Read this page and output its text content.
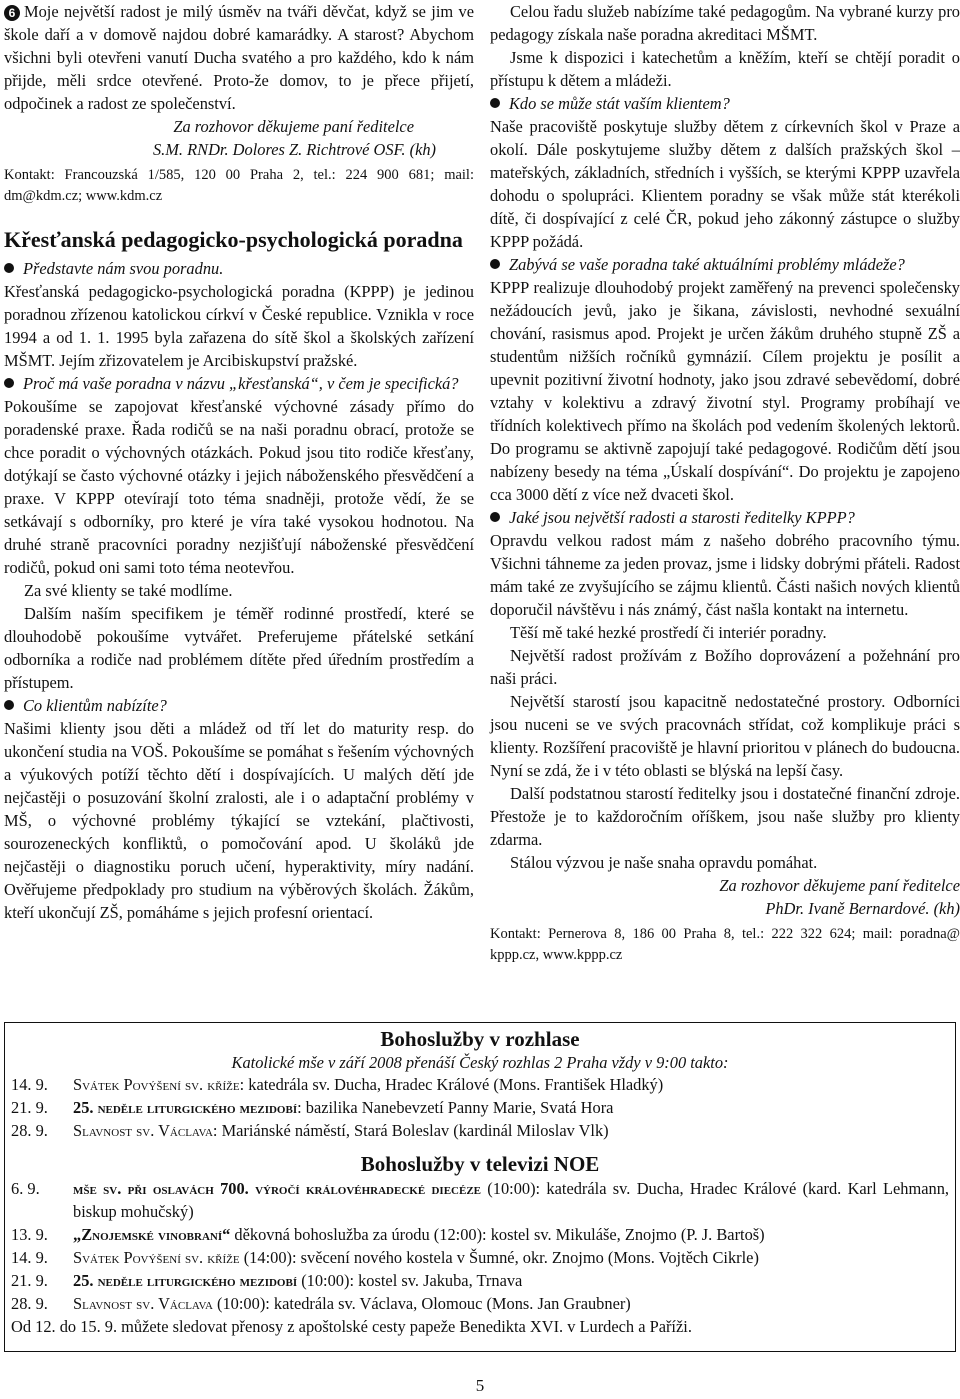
6 Moje největší radost je milý úsměv na tváři děvčat, když se jim ve škole daří a v domově najdou dobré kamarádky. A starost? Abychom všichni byli otevřeni vanutí Ducha svatého a pro každého, kdo k nám přijde, měli srdce otevřené. Proto-že domov, to je přece přijetí, odpočinek a radost ze společenství.

Za rozhovor děkujeme paní ředitelce

S.M. RNDr. Dolores Z. Richtrové OSF. (kh)

Kontakt: Francouzská 1/585, 120 00 Praha 2, tel.: 224 900 681; mail: dm@kdm.cz; www.kdm.cz

Křesťanská pedagogicko-psychologická poradna

Představte nám svou poradnu.

Křesťanská pedagogicko-psychologická poradna (KPPP) je jedinou poradnou zřízenou katolickou církví v České republice. Vznikla v roce 1994 a od 1. 1. 1995 byla zařazena do sítě škol a školských zařízení MŠMT. Jejím zřizovatelem je Arcibiskupství pražské.

Proč má vaše poradna v názvu „křesťanská“, v čem je specifická?

Pokoušíme se zapojovat křesťanské výchovné zásady přímo do poradenské praxe. Řada rodičů se na naši poradnu obrací, protože se chce poradit o výchovných otázkách. Pokud jsou tito rodiče křesťany, dotýkají se často výchovné otázky i jejich náboženského přesvědčení a praxe. V KPPP otevírají toto téma snadněji, protože vědí, že se setkávají s odborníky, pro které je víra také vysokou hodnotou. Na druhé straně pracovníci poradny nezjišťují náboženské přesvědčení rodičů, pokud oni sami toto téma neotevřou.

Za své klienty se také modlíme.

Dalším naším specifikem je téměř rodinné prostředí, které se dlouhodobě pokoušíme vytvářet. Preferujeme přátelské setkání odborníka a rodiče nad problémem dítěte před úředním prostředím a přístupem.

Co klientům nabízíte?

Našimi klienty jsou děti a mládež od tří let do maturity resp. do ukončení studia na VOŠ. Pokoušíme se pomáhat s řešením výchovných a výukových potíží těchto dětí i dospívajících. U malých dětí jde nejčastěji o posuzování školní zralosti, ale i o adaptační problémy v MŠ, o výchovné problémy týkající se vztekání, plačtivosti, sourozeneckých konfliktů, o pomočování apod. U školáků jde nejčastěji o diagnostiku poruch učení, hyperaktivity, míry nadání. Ověřujeme předpoklady pro studium na výběrových školách. Žákům, kteří ukončují ZŠ, pomáháme s jejich profesní orientací.

Celou řadu služeb nabízíme také pedagogům. Na vybrané kurzy pro pedagogy získala naše poradna akreditaci MŠMT.

Jsme k dispozici i katechetům a kněžím, kteří se chtějí poradit o přístupu k dětem a mládeži.

Kdo se může stát vaším klientem?

Naše pracoviště poskytuje služby dětem z církevních škol v Praze a okolí. Dále poskytujeme služby dětem z dalších pražských škol – mateřských, základních, středních i vyšších, se kterými KPPP uzavřela dohodu o spolupráci. Klientem poradny se však může stát kterékoli dítě, či dospívající z celé ČR, pokud jeho zákonný zástupce o služby KPPP požádá.

Zabývá se vaše poradna také aktuálními problémy mládeže?

KPPP realizuje dlouhodobý projekt zaměřený na prevenci společensky nežádoucích jevů, jako je šikana, závislosti, nevhodné sexuální chování, rasismus apod. Projekt je určen žákům druhého stupně ZŠ a studentům nižších ročníků gymnázií. Cílem projektu je posílit a upevnit pozitivní životní hodnoty, jako jsou zdravé sebevědomí, dobré vztahy v kolektivu a zdravý životní styl. Programy probíhají ve třídních kolektivech přímo na školách pod vedením školených lektorů. Do programu se aktivně zapojují také pedagogové. Rodičům dětí jsou nabízeny besedy na téma „Úskalí dospívání“. Do projektu je zapojeno cca 3000 dětí z více než dvaceti škol.

Jaké jsou největší radosti a starosti ředitelky KPPP?

Opravdu velkou radost mám z našeho dobrého pracovního týmu. Všichni táhneme za jeden provaz, jsme i lidsky dobrými přáteli. Radost mám také ze zvyšujícího se zájmu klientů. Části našich nových klientů doporučil návštěvu i nás známý, část našla kontakt na internetu.

Těší mě také hezké prostředí či interiér poradny.

Největší radost prožívám z Božího doprovázení a požehnání pro naši práci.

Největší starostí jsou kapacitně nedostatečné prostory. Odborníci jsou nuceni se ve svých pracovnách střídat, což komplikuje práci s klienty. Rozšíření pracoviště je hlavní prioritou v plánech do budoucna. Nyní se zdá, že i v této oblasti se blýská na lepší časy.

Další podstatnou starostí ředitelky jsou i dostatečné finanční zdroje. Přestože je to každoročním oříškem, jsou naše služby pro klienty zdarma.

Stálou výzvou je naše snaha opravdu pomáhat.

Za rozhovor děkujeme paní ředitelce

PhDr. Ivaně Bernardové. (kh)

Kontakt: Pernerova 8, 186 00 Praha 8, tel.: 222 322 624; mail: poradna@ kppp.cz, www.kppp.cz

Bohoslužby v rozhlase
Katolické mše v září 2008 přenáší Český rozhlas 2 Praha vždy v 9:00 takto:
14. 9.	Svátek Povýšení sv. kříže: katedrála sv. Ducha, Hradec Králové (Mons. František Hladký)
21. 9.	25. neděle liturgického mezidobí: bazilika Nanebevzetí Panny Marie, Svatá Hora
28. 9.	Slavnost sv. Václava: Mariánské náměstí, Stará Boleslav (kardinál Miloslav Vlk)
Bohoslužby v televizi NOE
6. 9.	mše sv. při oslavách 700. výročí královéhradecké diecéze (10:00): katedrála sv. Ducha, Hradec Králové (kard. Karl Lehmann, biskup mohučský)
13. 9.	„Znojemské vinobraní“ děkovná bohoslužba za úrodu (12:00): kostel sv. Mikuláše, Znojmo (P. J. Bartoš)
14. 9.	Svátek Povýšení sv. kříže (14:00): svěcení nového kostela v Šumné, okr. Znojmo (Mons. Vojtěch Cikrle)
21. 9.	25. neděle liturgického mezidobí (10:00): kostel sv. Jakuba, Trnava
28. 9.	Slavnost sv. Václava (10:00): katedrála sv. Václava, Olomouc (Mons. Jan Graubner)
Od 12. do 15. 9. můžete sledovat přenosy z apoštolské cesty papeže Benedikta XVI. v Lurdech a Paříži.
5
